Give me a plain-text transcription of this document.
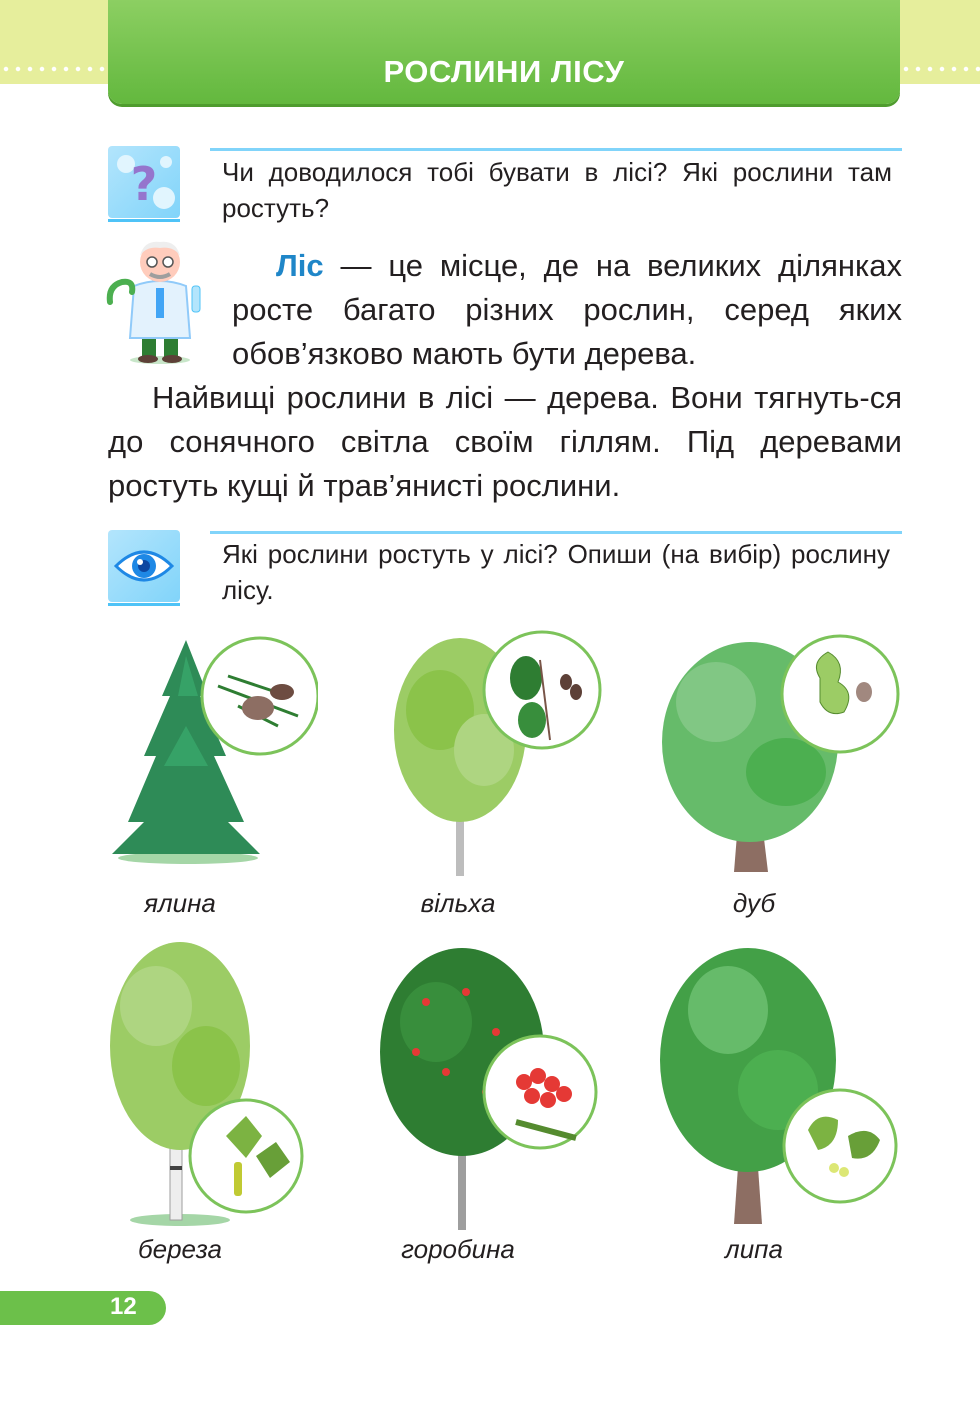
РОСЛИНИ ЛІСУ
? Чи доводилося тобі бувати в лісі? Які рослини там ростуть?
Ліс — це місце, де на великих ділянках росте багато різних рослин, серед яких обов’язково мають бути дерева.
Найвищі рослини в лісі — дерева. Вони тягнуть-ся до сонячного світла своїм гіллям. Під деревами ростуть кущі й трав’янисті рослини.
Які рослини ростуть у лісі? Опиши (на вибір) рослину лісу.
ялина	вільха	дуб
береза	горобина	липа
12
